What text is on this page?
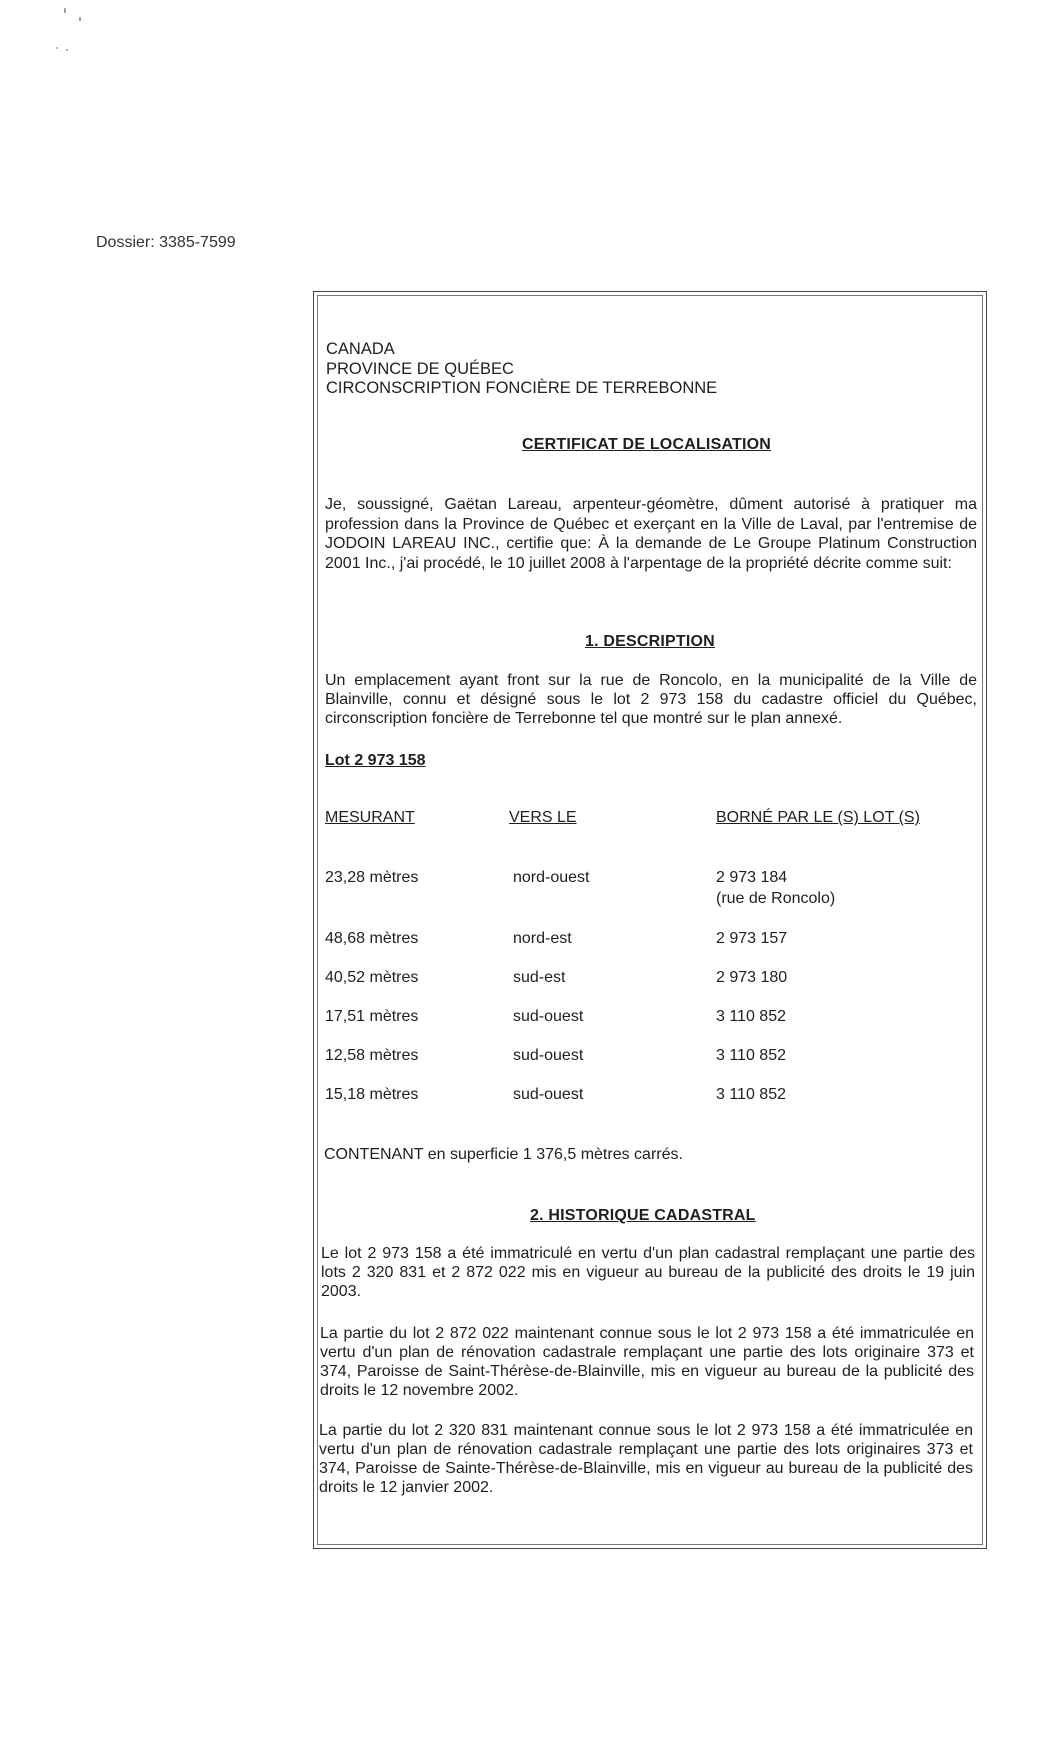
Dossier: 3385-7599
CANADA
PROVINCE DE QUÉBEC
CIRCONSCRIPTION FONCIÈRE DE TERREBONNE
CERTIFICAT DE LOCALISATION
Je, soussigné, Gaëtan Lareau, arpenteur-géomètre, dûment autorisé à pratiquer ma profession dans la Province de Québec et exerçant en la Ville de Laval, par l'entremise de JODOIN LAREAU INC., certifie que: À la demande de Le Groupe Platinum Construction 2001 Inc., j'ai procédé, le 10 juillet 2008 à l'arpentage de la propriété décrite comme suit:
1. DESCRIPTION
Un emplacement ayant front sur la rue de Roncolo, en la municipalité de la Ville de Blainville, connu et désigné sous le lot 2 973 158 du cadastre officiel du Québec, circonscription foncière de Terrebonne tel que montré sur le plan annexé.
Lot 2 973 158
MESURANT	VERS LE	BORNÉ PAR LE (S) LOT (S)
23,28 mètres	nord-ouest	2 973 184
(rue de Roncolo)
48,68 mètres	nord-est	2 973 157
40,52 mètres	sud-est	2 973 180
17,51 mètres	sud-ouest	3 110 852
12,58 mètres	sud-ouest	3 110 852
15,18 mètres	sud-ouest	3 110 852
CONTENANT en superficie 1 376,5 mètres carrés.
2. HISTORIQUE CADASTRAL
Le lot 2 973 158 a été immatriculé en vertu d'un plan cadastral remplaçant une partie des lots 2 320 831 et 2 872 022 mis en vigueur au bureau de la publicité des droits le 19 juin 2003.
La partie du lot 2 872 022 maintenant connue sous le lot 2 973 158 a été immatriculée en vertu d'un plan de rénovation cadastrale remplaçant une partie des lots originaire 373 et 374, Paroisse de Saint-Thérèse-de-Blainville, mis en vigueur au bureau de la publicité des droits le 12 novembre 2002.
La partie du lot 2 320 831 maintenant connue sous le lot 2 973 158 a été immatriculée en vertu d'un plan de rénovation cadastrale remplaçant une partie des lots originaires 373 et 374, Paroisse de Sainte-Thérèse-de-Blainville, mis en vigueur au bureau de la publicité des droits le 12 janvier 2002.
